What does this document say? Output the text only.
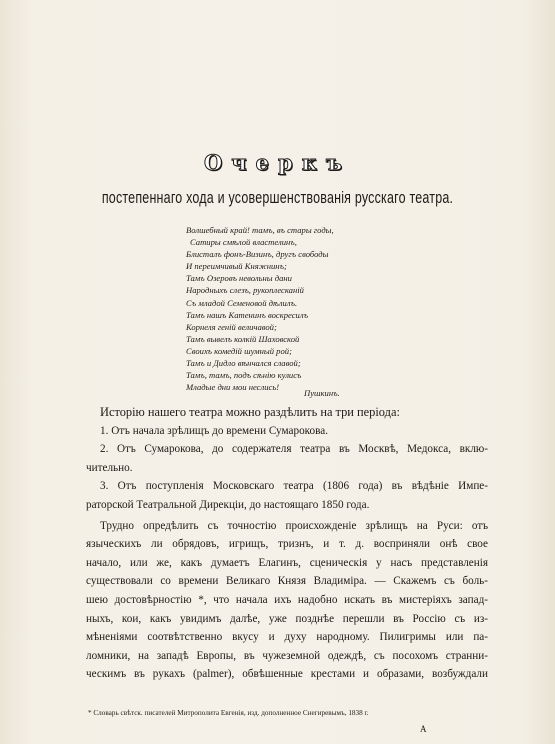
Очеркъ
постепеннаго хода и усовершенствованія русскаго театра.
Волшебный край! тамъ, въ стары годы,
Сатиры смѣлой властелинъ,
Блисталъ фонъ-Визинъ, другъ свободы
И переимчивый Княжнинъ;
Тамъ Озеровъ невольны дани
Народныхъ слезъ, рукоплесканій
Съ младой Семеновой дѣлилъ.
Тамъ нашъ Катенинъ воскресилъ
Корнеля геній величавой;
Тамъ вывелъ колкій Шаховской
Своихъ комедій шумный рой;
Тамъ и Дидло вѣнчался славой;
Тамъ, тамъ, подъ сѣнію кулисъ
Младые дни мои неслись!
Пушкинъ.
Исторію нашего театра можно раздѣлить на три періода:
1. Отъ начала зрѣлищъ до времени Сумарокова.
2. Отъ Сумарокова, до содержателя театра въ Москвѣ, Медокса, вклю-
чительно.
3. Отъ поступленія Московскаго театра (1806 года) въ вѣдѣніе Импе-
раторской Театральной Дирекціи, до настоящаго 1850 года.
Трудно опредѣлить съ точностію происхожденіе зрѣлищъ на Руси: отъ
языческихъ ли обрядовъ, игрищъ, тризнъ, и т. д. восприняли онѣ свое
начало, или же, какъ думаетъ Елагинъ, сценическія у насъ представленія
существовали со времени Великаго Князя Владиміра. — Скажемъ съ боль-
шею достовѣрностію *, что начала ихъ надобно искать въ мистеріяхъ запад-
ныхъ, кои, какъ увидимъ далѣе, уже позднѣе перешли въ Россію съ из-
мѣненіями соотвѣтственно вкусу и духу народному. Пилигримы или па-
ломники, на западѣ Европы, въ чужеземной одеждѣ, съ посохомъ странни-
ческимъ въ рукахъ (palmer), обвѣшенные крестами и образами, возбуждали
* Словарь свѣтск. писателей Митрополита Евгенія, изд. дополненное Снегиревымъ, 1838 г.
А
